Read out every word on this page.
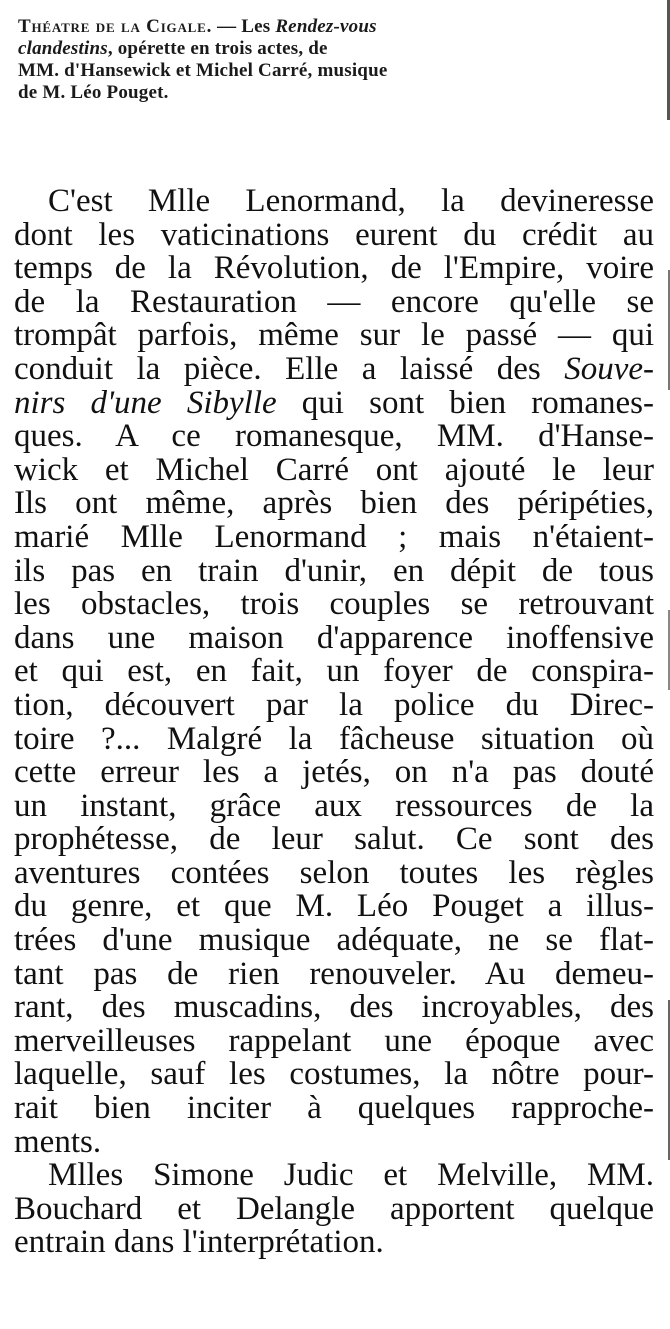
Théatre de la Cigale. — Les Rendez-vous
clandestins, opérette en trois actes, de
MM. d'Hansewick et Michel Carré, musique
de M. Léo Pouget.
C'est Mlle Lenormand, la devineresse
dont les vaticinations eurent du crédit au
temps de la Révolution, de l'Empire, voire
de la Restauration — encore qu'elle se
trompât parfois, même sur le passé — qui
conduit la pièce. Elle a laissé des Souve-
nirs d'une Sibylle qui sont bien romanes-
ques. A ce romanesque, MM. d'Hanse-
wick et Michel Carré ont ajouté le leur
Ils ont même, après bien des péripéties,
marié Mlle Lenormand ; mais n'étaient-
ils pas en train d'unir, en dépit de tous
les obstacles, trois couples se retrouvant
dans une maison d'apparence inoffensive
et qui est, en fait, un foyer de conspira-
tion, découvert par la police du Direc-
toire ?... Malgré la fâcheuse situation où
cette erreur les a jetés, on n'a pas douté
un instant, grâce aux ressources de la
prophétesse, de leur salut. Ce sont des
aventures contées selon toutes les règles
du genre, et que M. Léo Pouget a illus-
trées d'une musique adéquate, ne se flat-
tant pas de rien renouveler. Au demeu-
rant, des muscadins, des incroyables, des
merveilleuses rappelant une époque avec
laquelle, sauf les costumes, la nôtre pour-
rait bien inciter à quelques rapproche-
ments.
Mlles Simone Judic et Melville, MM.
Bouchard et Delangle apportent quelque
entrain dans l'interprétation.
